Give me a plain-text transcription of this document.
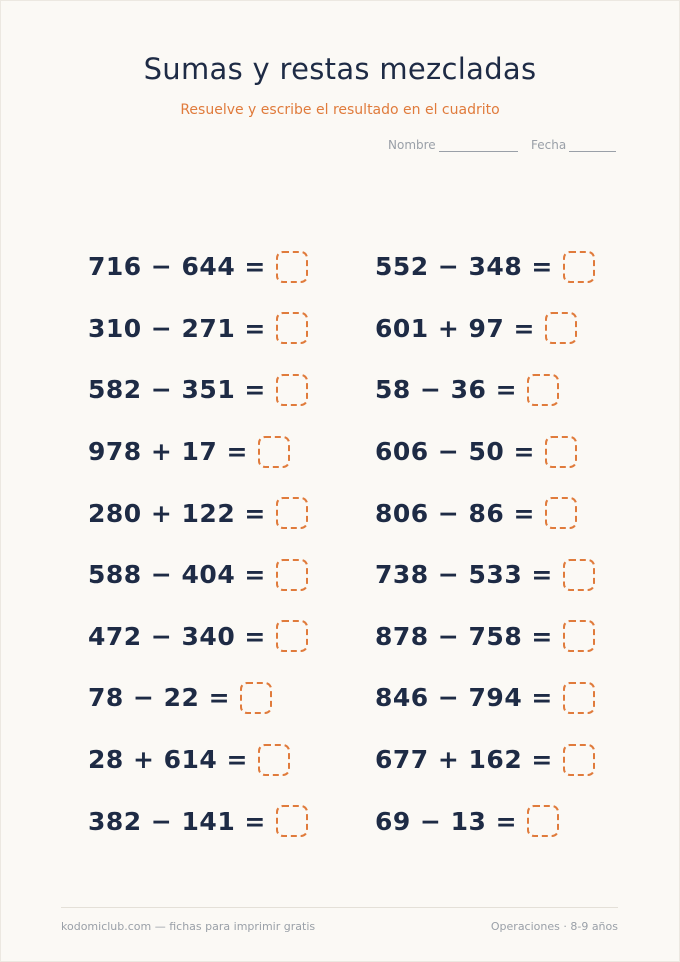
Sumas y restas mezcladas
Resuelve y escribe el resultado en el cuadrito
Nombre	Fecha
716 − 644 =
310 − 271 =
582 − 351 =
978 + 17 =
280 + 122 =
588 − 404 =
472 − 340 =
78 − 22 =
28 + 614 =
382 − 141 =
552 − 348 =
601 + 97 =
58 − 36 =
606 − 50 =
806 − 86 =
738 − 533 =
878 − 758 =
846 − 794 =
677 + 162 =
69 − 13 =
kodomiclub.com — fichas para imprimir gratis	Operaciones · 8-9 años
